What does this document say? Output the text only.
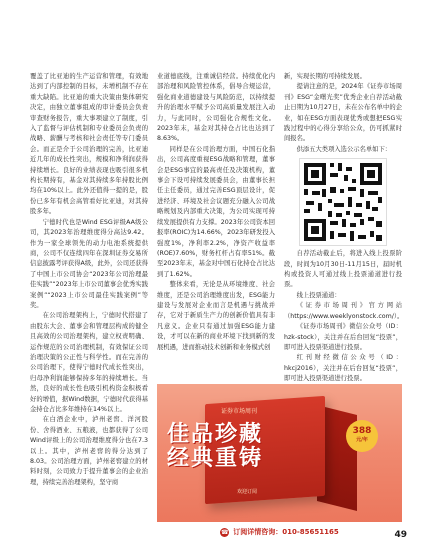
覆盖了比亚迪的生产运营和管理，有效地达到了内部控制的目标，未增机制不存在重大缺陷。比亚迪的重大决策由集体研究决定，由独立董事组成的审计委员会负责审查财务报告，重大事项建立了制度，引入了监督与评估机制和专业委员会负责的战略、薪酬与考核和社会责任等专门委员会。而正是介于公司治理的完善，比亚迪近几年的成长性突出，规模和净利润获得持续增长。良好的业绩表现也吸引很多机构长期持有，基金对其持续多年持股比例均在10%以上。此外还值得一提的是，股份已多年有机会高管看好比亚迪，对其持股多年。

宁德时代也是Wind ESG评级AA级公司，其2023年治理维度得分高达9.42。作为一家全球领先的动力电池系统提供商，公司不仅连续四年在深圳证券交易所信息披露考评获得A级，此外，公司还获得了中国上市公司协会“2023年公司治理最佳实践”“2023年上市公司董事会优秀实践案例”“2023上市公司最佳实践案例”等奖。

在公司治理架构上，宁德时代搭建了由股东大会、董事会和管理层构成的健全且高效的公司治理架构，建立权责明确、运作规范的公司治理机制，有效保证公司治理决策的公正性与科学性。而在完善的公司治理下，使得宁德时代成长性突出，归母净利润能够保持多年的持续增长。当然，良好的成长性也吸引机构资金积极看好的增值，据Wind数据，宁德时代获得基金持仓占比多年维持在14%以上。

在白酒企业中，泸州老窖、洋河股份、舍得酒业、五粮液，也都获得了公司Wind评级上的公司治理维度得分也在7.3以上。其中，泸州老窖的得分达到了8.03。公司治理方面，泸州老窖建立的材料时刻，公司致力于提升董事会的企业治理，持续完善治理架构，坚守商

业道德底线，注重诚信经营。持续优化内部治理和风险管控体系，倡导合规运营，强化商业道德建设与风险防范，以持续提升的治理水平赋予公司高质量发展注入动力，与此同时，公司强化合规性文化。2023年末，基金对其持仓占比也达到了8.63%。

同样是在公司治理方面，中国石化指出，公司高度重视ESG战略和管理，董事会是ESG事宜的最高责任及决策机构，董事会下设可持续发展委员会，由董事长担任主任委员，通过完善ESG顶层设计，促进经济、环境及社会议题充分融入公司战略规划及内部重大决策，为公司实现可持续发展提供有力支撑。2023年公司资本回报率(ROIC)为14.66%，2023年研发投入强度1%，净利率2.2%，净资产收益率(ROE)7.60%，财务杠杆占有率51%。截至2023年末，基金对中国石化持仓占比达到了1.62%。

整体来看，无论是从环境维度、社会维度，还是公司治理维度出发，ESG能力建设与发展对企业而言是机遇与挑战并存，它对于新质生产力的创新价值具有非凡意义。企业只有通过加强ESG能力建设，才可以在新的商业环境下找到新的发展机遇，进而推动技术创新和业务模式创

新，实现长期的可持续发展。

提请注意的是，2024年《证券市场周刊》ESG“金曙光奖”优秀企业自荐活动截止日期为10月27日，未在公布名单中的企业，如在ESG方面表现优秀或想把ESG实践过程中的心得分享给公众，仍可抓紧时间报名。

供添五大类项入选公示名单如下：

自荐活动截止后，将进入线上投票阶段，时间为10月30日-11月15日，届时机构或投资人可通过线上投票通道进行投票。

线上投票通道：

《证券市场周刊》官方网站（https://www.weeklyonstock.com/）。

《证券市场周刊》微信公众号（ID：hzk-stock），关注并在后台回复“投票”，即可进入投票渠道进行投票。

红刊财经微信公众号（ID：hkcj2016），关注并在后台回复“投票”，即可进入投票渠道进行投票。

证券市场周刊
佳品珍藏
经典重铸
388
元/年
欢迎订阅
☎ 订阅详情咨询：010-85651165	49
